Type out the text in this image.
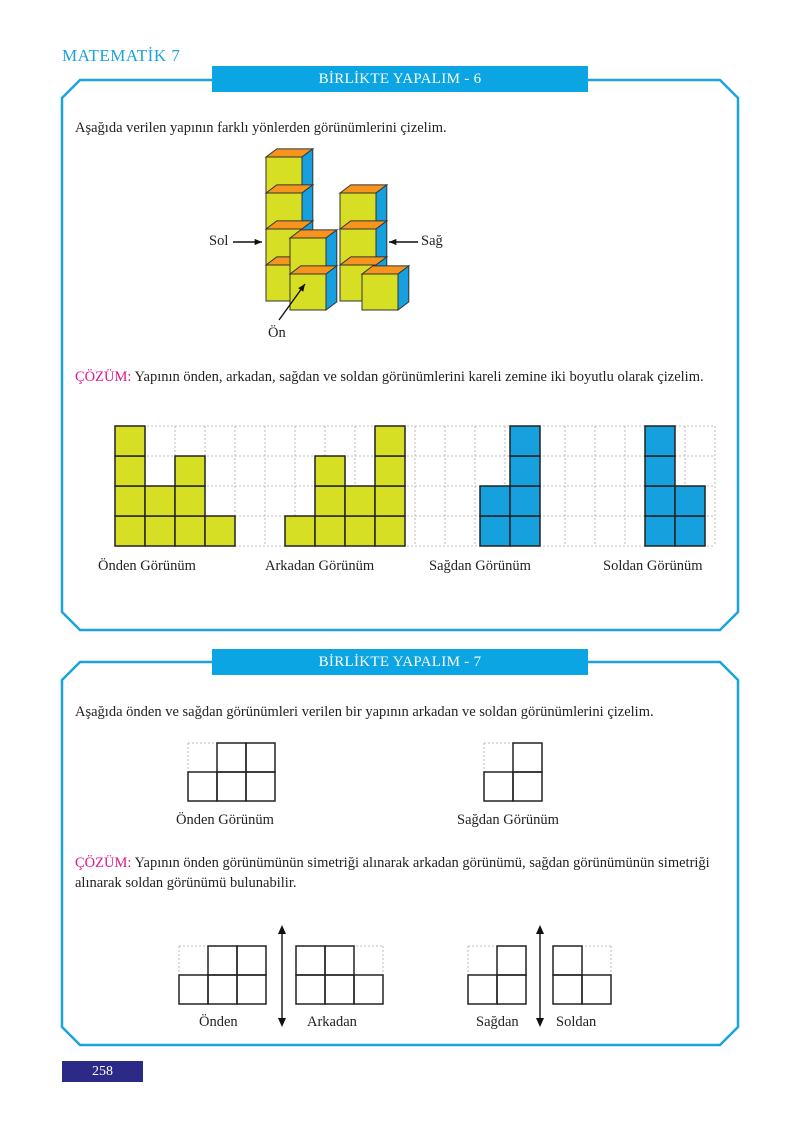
MATEMATİK 7
BİRLİKTE YAPALIM - 6
Aşağıda verilen yapının farklı yönlerden görünümlerini çizelim.
Sol	Sağ
Ön
ÇÖZÜM: Yapının önden, arkadan, sağdan ve soldan görünümlerini kareli zemine iki boyutlu olarak çizelim.
Önden Görünüm	Arkadan Görünüm	Sağdan Görünüm	Soldan Görünüm
BİRLİKTE YAPALIM - 7
Aşağıda önden ve sağdan görünümleri verilen bir yapının arkadan ve soldan görünümlerini çizelim.
Önden Görünüm	Sağdan Görünüm
ÇÖZÜM: Yapının önden görünümünün simetriği alınarak arkadan görünümü, sağdan görünümünün simetriği alınarak soldan görünümü bulunabilir.
Önden	Arkadan	Sağdan	Soldan
258
